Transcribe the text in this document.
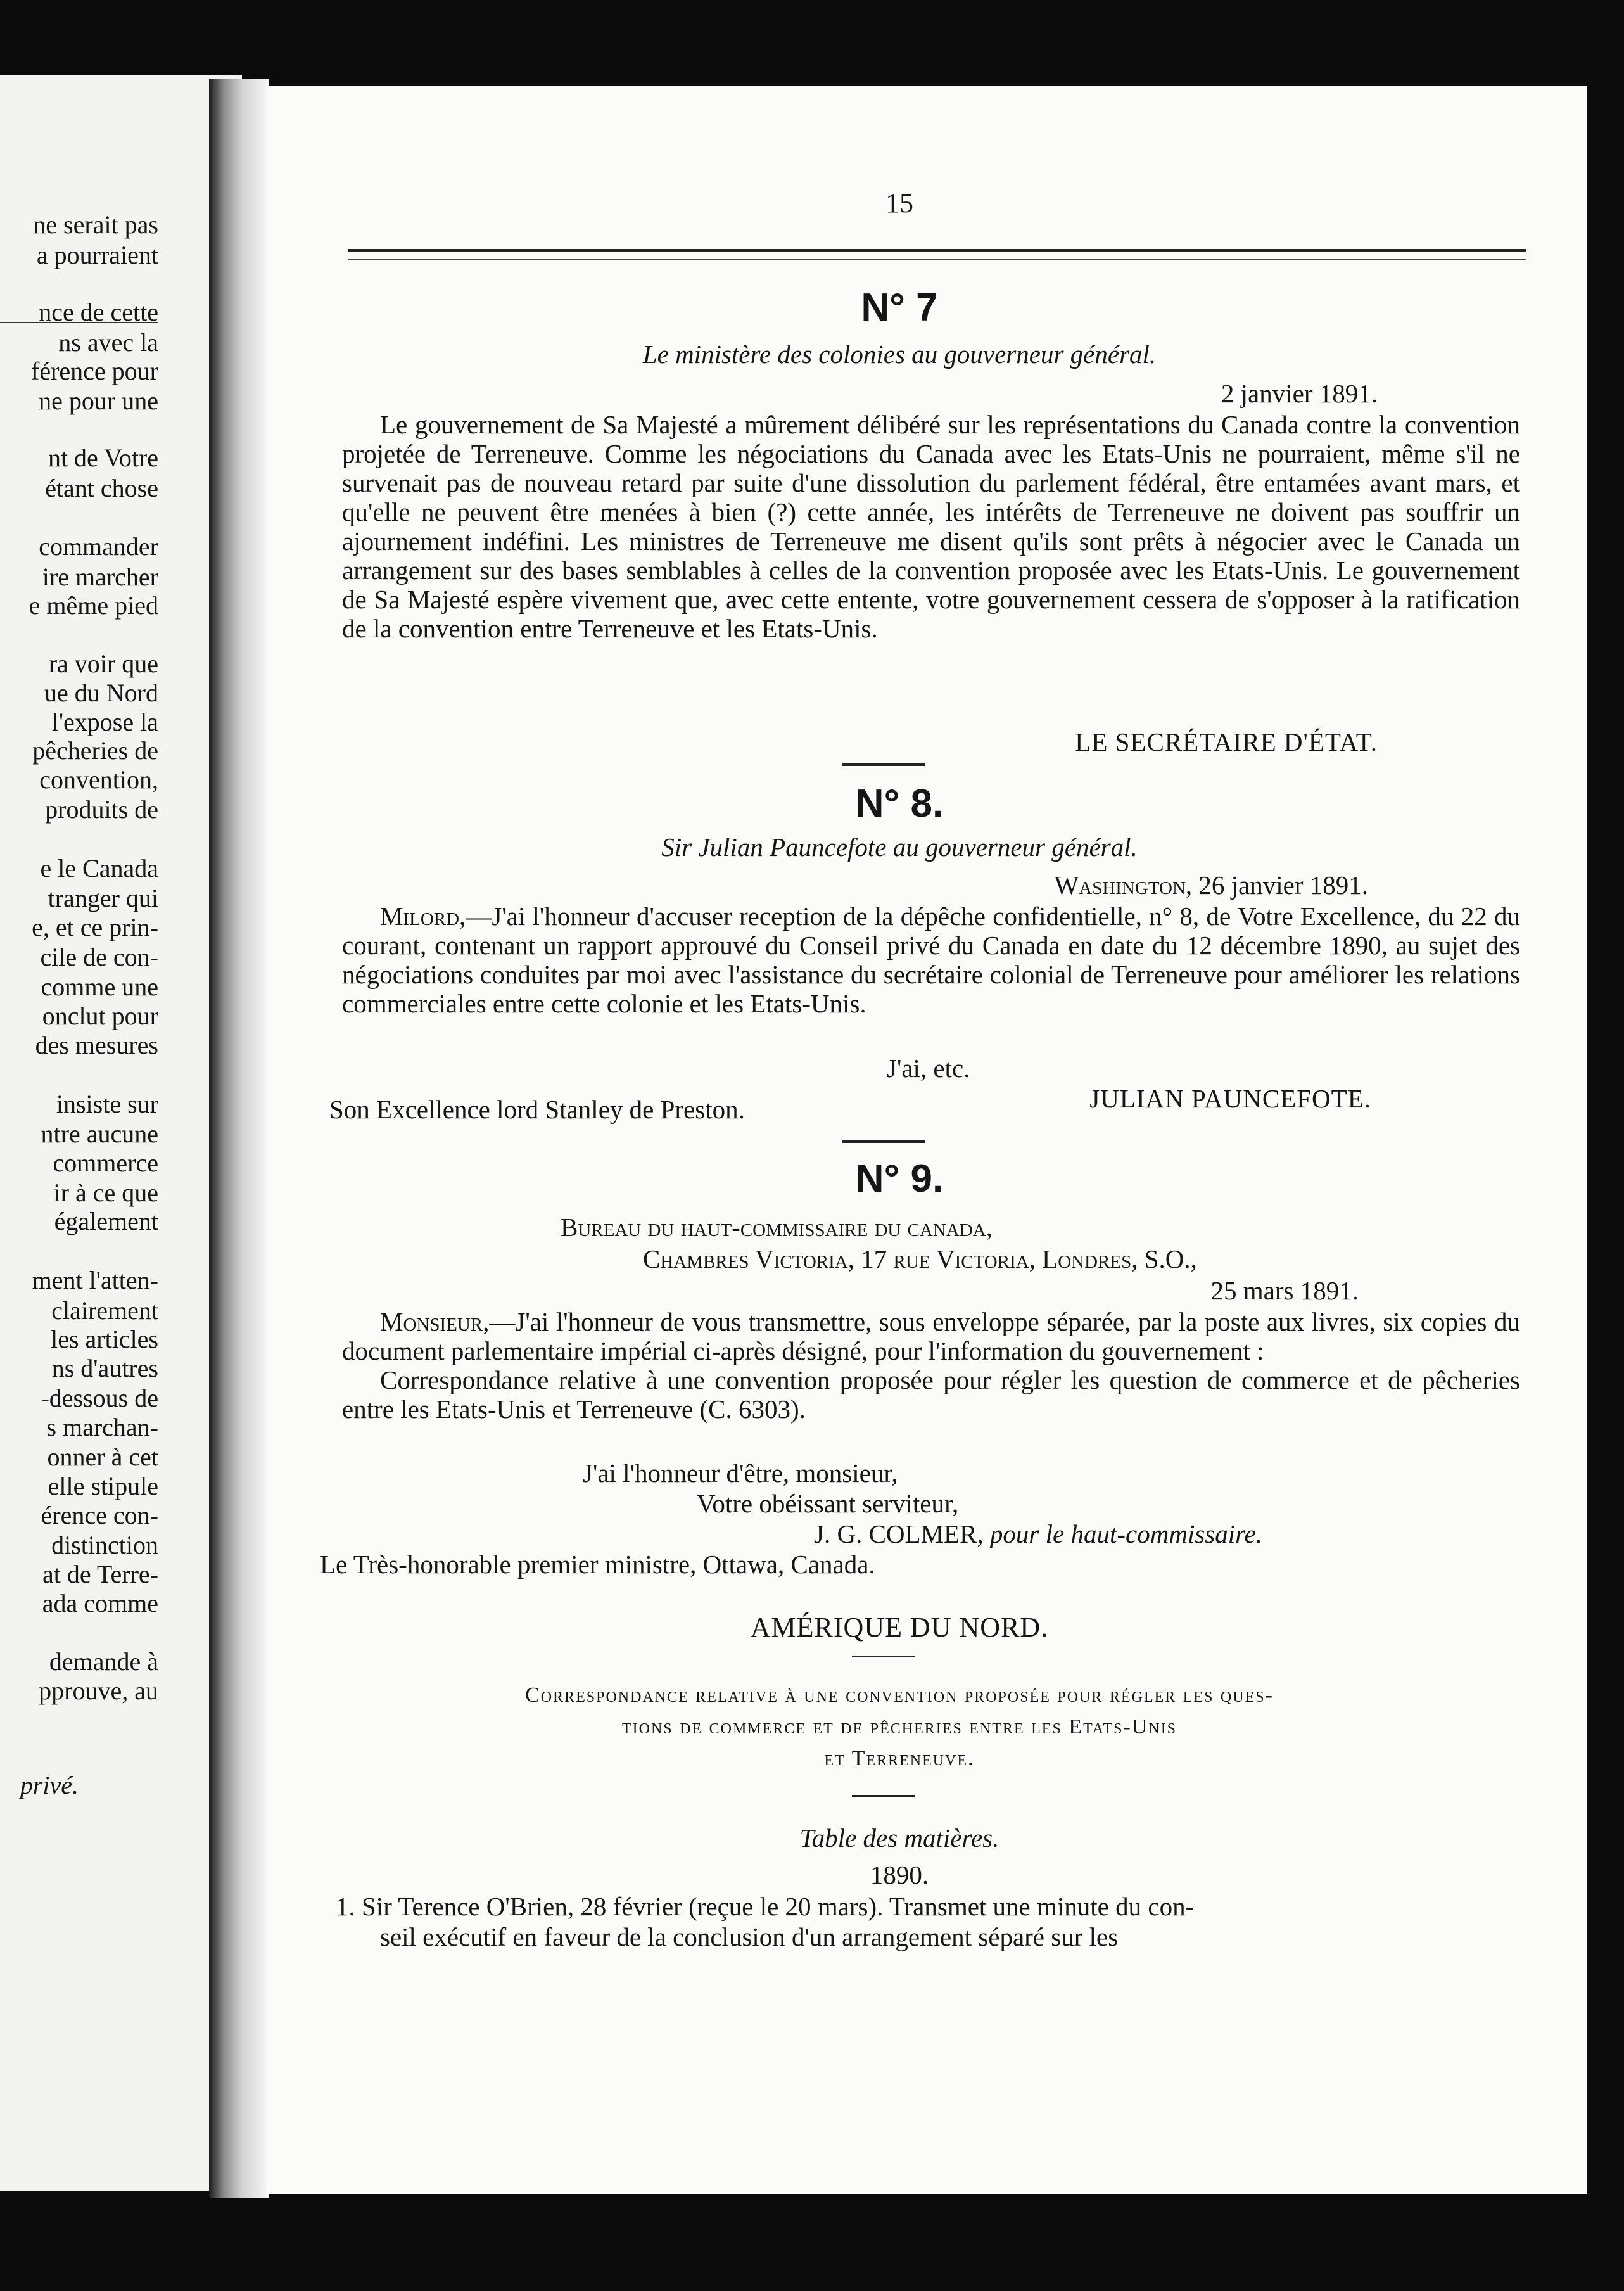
ne serait pas
a pourraient
nce de cette
ns avec la
férence pour
ne pour une
nt de Votre
étant chose
commander
ire marcher
e même pied
ra voir que
ue du Nord
l'expose la
pêcheries de
convention,
produits de
e le Canada
tranger qui
e, et ce prin-
cile de con-
comme une
onclut pour
des mesures
insiste sur
ntre aucune
commerce
ir à ce que
également
ment l'atten-
clairement
les articles
ns d'autres
-dessous de
s marchan-
onner à cet
elle stipule
érence con-
distinction
at de Terre-
ada comme
demande à
pprouve, au
privé.
15
N° 7
Le ministère des colonies au gouverneur général.
2 janvier 1891.

Le gouvernement de Sa Majesté a mûrement délibéré sur les représentations du Canada contre la convention projetée de Terreneuve. Comme les négociations du Canada avec les Etats-Unis ne pourraient, même s'il ne survenait pas de nouveau retard par suite d'une dissolution du parlement fédéral, être entamées avant mars, et qu'elle ne peuvent être menées à bien (?) cette année, les intérêts de Terreneuve ne doivent pas souffrir un ajournement indéfini. Les ministres de Terreneuve me disent qu'ils sont prêts à négocier avec le Canada un arrangement sur des bases semblables à celles de la convention proposée avec les Etats-Unis. Le gouvernement de Sa Majesté espère vivement que, avec cette entente, votre gouvernement cessera de s'opposer à la ratification de la convention entre Terreneuve et les Etats-Unis.

LE SECRÉTAIRE D'ÉTAT.
N° 8.
Sir Julian Pauncefote au gouverneur général.
Washington, 26 janvier 1891.

Milord,—J'ai l'honneur d'accuser reception de la dépêche confidentielle, n° 8, de Votre Excellence, du 22 du courant, contenant un rapport approuvé du Conseil privé du Canada en date du 12 décembre 1890, au sujet des négociations conduites par moi avec l'assistance du secrétaire colonial de Terreneuve pour améliorer les relations commerciales entre cette colonie et les Etats-Unis.

J'ai, etc.
JULIAN PAUNCEFOTE.
Son Excellence lord Stanley de Preston.
N° 9.
Bureau du haut-commissaire du canada,
Chambres Victoria, 17 rue Victoria, Londres, S.O.,
25 mars 1891.

Monsieur,—J'ai l'honneur de vous transmettre, sous enveloppe séparée, par la poste aux livres, six copies du document parlementaire impérial ci-après désigné, pour l'information du gouvernement :

Correspondance relative à une convention proposée pour régler les question de commerce et de pêcheries entre les Etats-Unis et Terreneuve (C. 6303).

J'ai l'honneur d'être, monsieur,
Votre obéissant serviteur,
J. G. COLMER, pour le haut-commissaire.
Le Très-honorable premier ministre, Ottawa, Canada.
AMÉRIQUE DU NORD.
Correspondance relative à une convention proposée pour régler les ques-
tions de commerce et de pêcheries entre les Etats-Unis
et Terreneuve.
Table des matières.
1890.
1. Sir Terence O'Brien, 28 février (reçue le 20 mars). Transmet une minute du con-
seil exécutif en faveur de la conclusion d'un arrangement séparé sur les
